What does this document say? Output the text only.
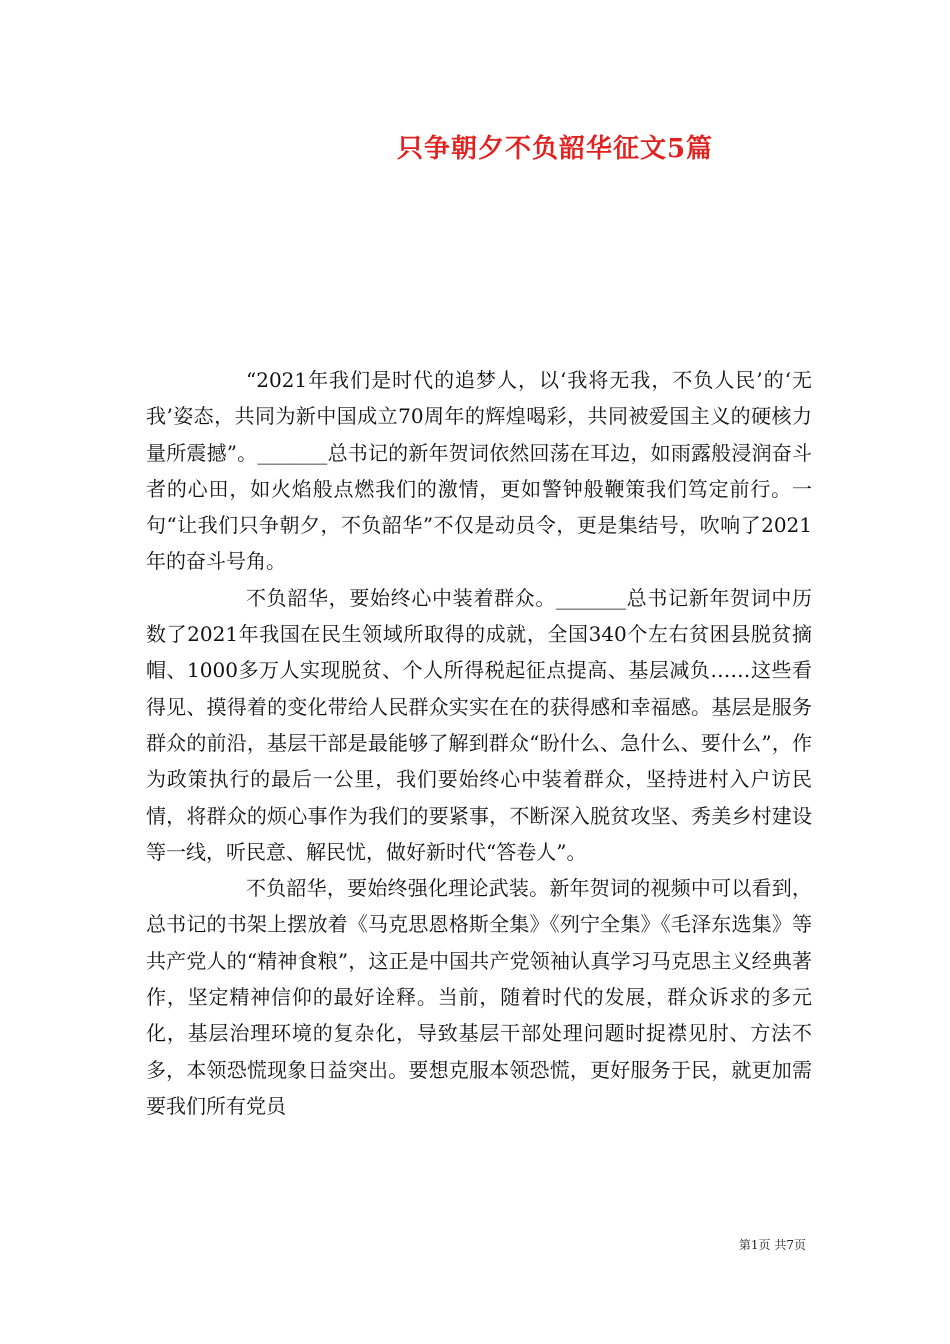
只争朝夕不负韶华征文5篇

“2021年我们是时代的追梦人，以‘我将无我，不负人民’的‘无我’姿态，共同为新中国成立70周年的辉煌喝彩，共同被爱国主义的硬核力量所震撼”。_______总书记的新年贺词依然回荡在耳边，如雨露般浸润奋斗者的心田，如火焰般点燃我们的激情，更如警钟般鞭策我们笃定前行。一句“让我们只争朝夕，不负韶华”不仅是动员令，更是集结号，吹响了2021年的奋斗号角。

不负韶华，要始终心中装着群众。_______总书记新年贺词中历数了2021年我国在民生领域所取得的成就，全国340个左右贫困县脱贫摘帽、1000多万人实现脱贫、个人所得税起征点提高、基层减负……这些看得见、摸得着的变化带给人民群众实实在在的获得感和幸福感。基层是服务群众的前沿，基层干部是最能够了解到群众“盼什么、急什么、要什么”，作为政策执行的最后一公里，我们要始终心中装着群众，坚持进村入户访民情，将群众的烦心事作为我们的要紧事，不断深入脱贫攻坚、秀美乡村建设等一线，听民意、解民忧，做好新时代“答卷人”。

不负韶华，要始终强化理论武装。新年贺词的视频中可以看到，总书记的书架上摆放着《马克思恩格斯全集》《列宁全集》《毛泽东选集》等共产党人的“精神食粮”，这正是中国共产党领袖认真学习马克思主义经典著作，坚定精神信仰的最好诠释。当前，随着时代的发展，群众诉求的多元化，基层治理环境的复杂化，导致基层干部处理问题时捉襟见肘、方法不多，本领恐慌现象日益突出。要想克服本领恐慌，更好服务于民，就更加需要我们所有党员

第1页 共7页
